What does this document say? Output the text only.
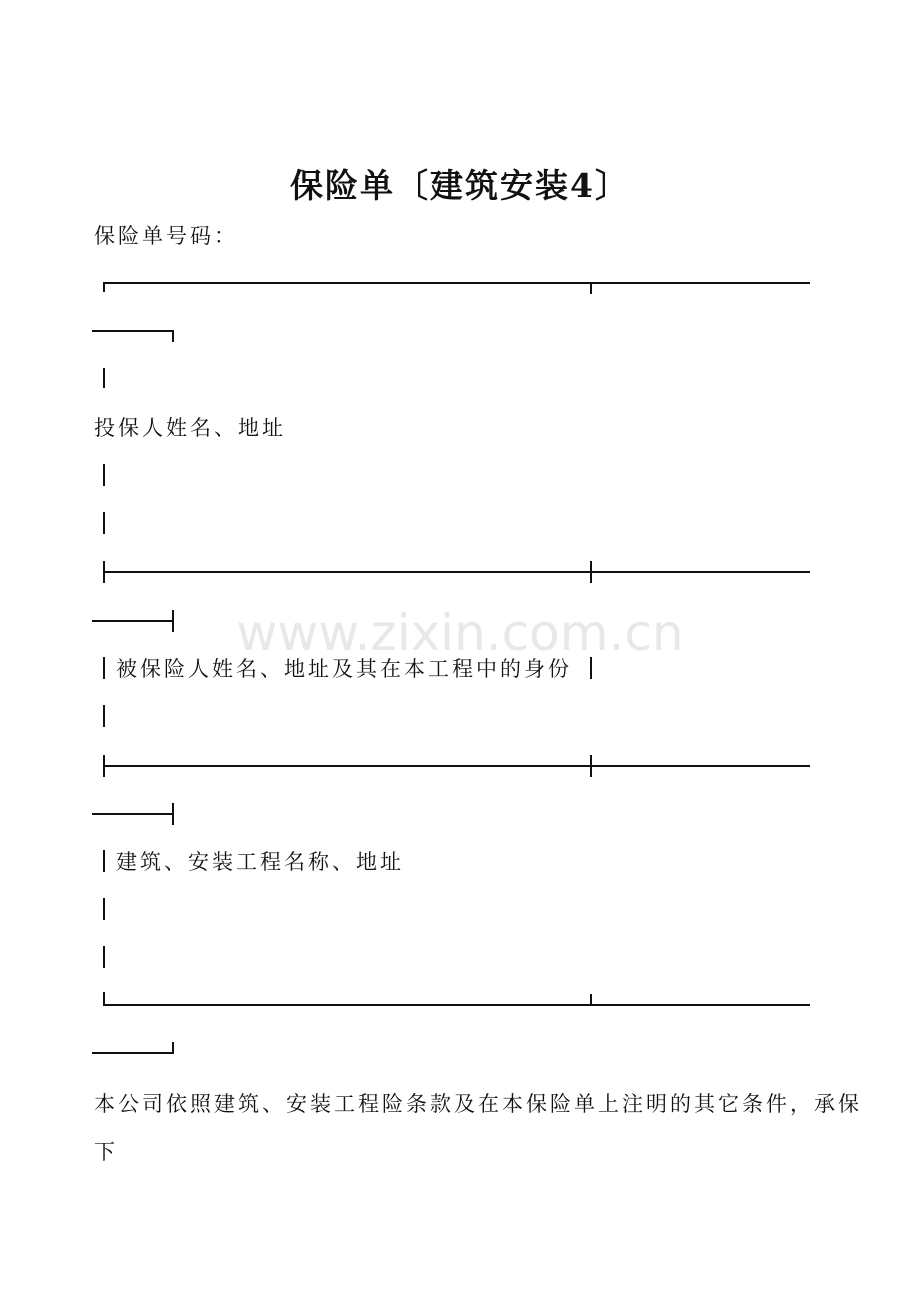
保险单〔建筑安装4〕
保险单号码：
投保人姓名、地址
被保险人姓名、地址及其在本工程中的身份
建筑、安装工程名称、地址
本公司依照建筑、安装工程险条款及在本保险单上注明的其它条件，承保
下
www.zixin.com.cn
